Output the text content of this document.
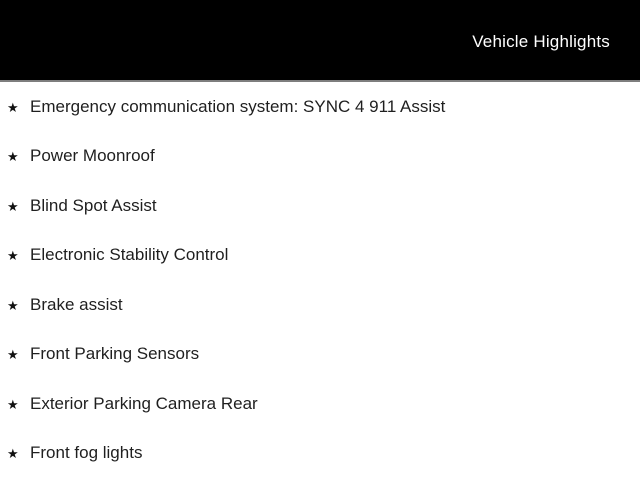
Vehicle Highlights
★ Emergency communication system: SYNC 4 911 Assist
★ Power Moonroof
★ Blind Spot Assist
★ Electronic Stability Control
★ Brake assist
★ Front Parking Sensors
★ Exterior Parking Camera Rear
★ Front fog lights
